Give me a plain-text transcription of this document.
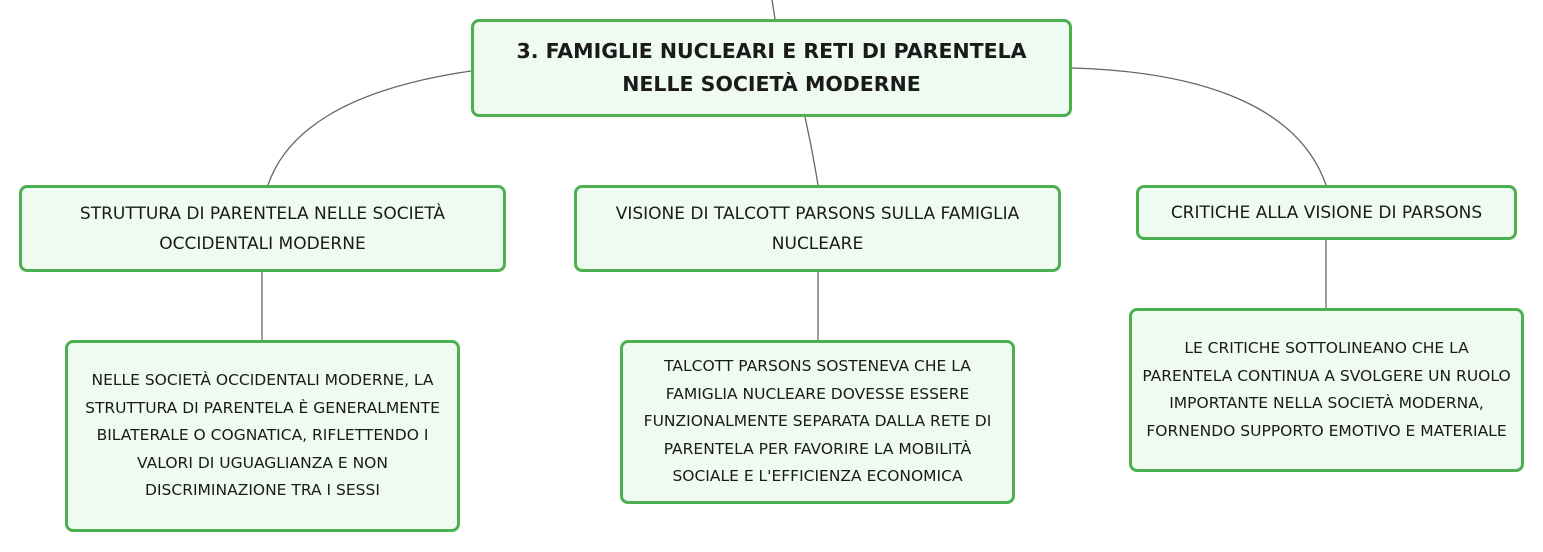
3. FAMIGLIE NUCLEARI E RETI DI PARENTELA NELLE SOCIETÀ MODERNE
STRUTTURA DI PARENTELA NELLE SOCIETÀ OCCIDENTALI MODERNE
VISIONE DI TALCOTT PARSONS SULLA FAMIGLIA NUCLEARE
CRITICHE ALLA VISIONE DI PARSONS
NELLE SOCIETÀ OCCIDENTALI MODERNE, LA STRUTTURA DI PARENTELA È GENERALMENTE BILATERALE O COGNATICA, RIFLETTENDO I VALORI DI UGUAGLIANZA E NON DISCRIMINAZIONE TRA I SESSI
TALCOTT PARSONS SOSTENEVA CHE LA FAMIGLIA NUCLEARE DOVESSE ESSERE FUNZIONALMENTE SEPARATA DALLA RETE DI PARENTELA PER FAVORIRE LA MOBILITÀ SOCIALE E L'EFFICIENZA ECONOMICA
LE CRITICHE SOTTOLINEANO CHE LA PARENTELA CONTINUA A SVOLGERE UN RUOLO IMPORTANTE NELLA SOCIETÀ MODERNA, FORNENDO SUPPORTO EMOTIVO E MATERIALE
